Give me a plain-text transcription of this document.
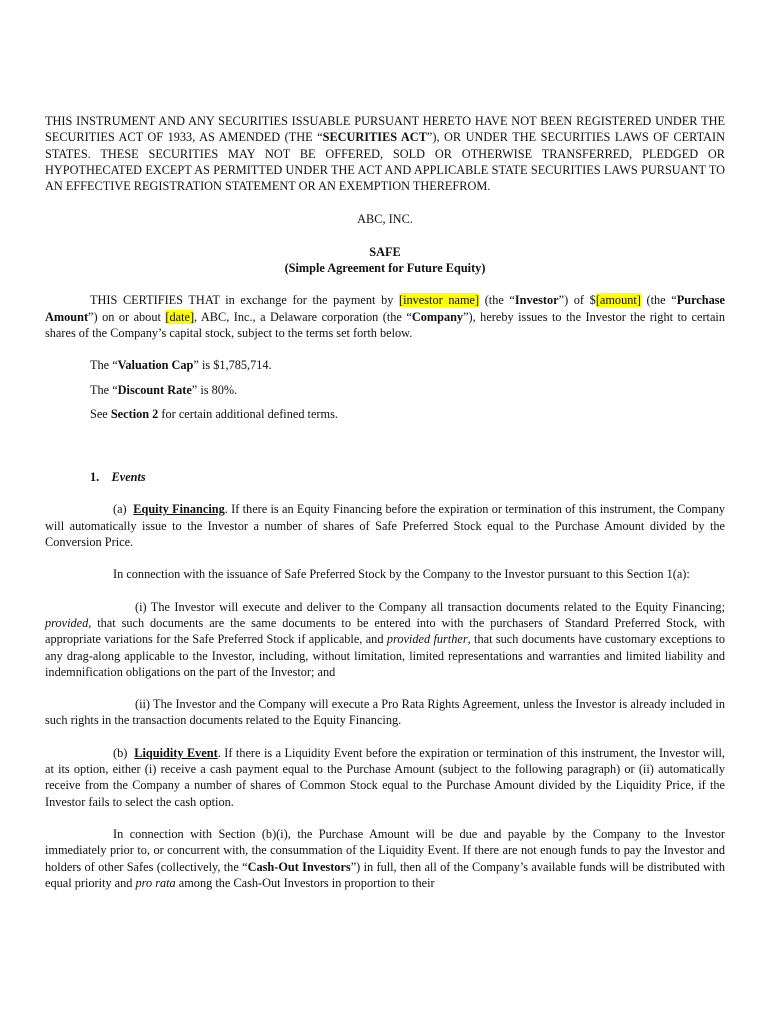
THIS INSTRUMENT AND ANY SECURITIES ISSUABLE PURSUANT HERETO HAVE NOT BEEN REGISTERED UNDER THE SECURITIES ACT OF 1933, AS AMENDED (THE “SECURITIES ACT”), OR UNDER THE SECURITIES LAWS OF CERTAIN STATES. THESE SECURITIES MAY NOT BE OFFERED, SOLD OR OTHERWISE TRANSFERRED, PLEDGED OR HYPOTHECATED EXCEPT AS PERMITTED UNDER THE ACT AND APPLICABLE STATE SECURITIES LAWS PURSUANT TO AN EFFECTIVE REGISTRATION STATEMENT OR AN EXEMPTION THEREFROM.

ABC, INC.

SAFE

(Simple Agreement for Future Equity)

THIS CERTIFIES THAT in exchange for the payment by [investor name] (the “Investor”) of $[amount] (the “Purchase Amount”) on or about [date], ABC, Inc., a Delaware corporation (the “Company”), hereby issues to the Investor the right to certain shares of the Company’s capital stock, subject to the terms set forth below.

The “Valuation Cap” is $1,785,714.

The “Discount Rate” is 80%.

See Section 2 for certain additional defined terms.

1. Events

(a) Equity Financing. If there is an Equity Financing before the expiration or termination of this instrument, the Company will automatically issue to the Investor a number of shares of Safe Preferred Stock equal to the Purchase Amount divided by the Conversion Price.

In connection with the issuance of Safe Preferred Stock by the Company to the Investor pursuant to this Section 1(a):

(i) The Investor will execute and deliver to the Company all transaction documents related to the Equity Financing; provided, that such documents are the same documents to be entered into with the purchasers of Standard Preferred Stock, with appropriate variations for the Safe Preferred Stock if applicable, and provided further, that such documents have customary exceptions to any drag-along applicable to the Investor, including, without limitation, limited representations and warranties and limited liability and indemnification obligations on the part of the Investor; and

(ii) The Investor and the Company will execute a Pro Rata Rights Agreement, unless the Investor is already included in such rights in the transaction documents related to the Equity Financing.

(b) Liquidity Event. If there is a Liquidity Event before the expiration or termination of this instrument, the Investor will, at its option, either (i) receive a cash payment equal to the Purchase Amount (subject to the following paragraph) or (ii) automatically receive from the Company a number of shares of Common Stock equal to the Purchase Amount divided by the Liquidity Price, if the Investor fails to select the cash option.

In connection with Section (b)(i), the Purchase Amount will be due and payable by the Company to the Investor immediately prior to, or concurrent with, the consummation of the Liquidity Event. If there are not enough funds to pay the Investor and holders of other Safes (collectively, the “Cash-Out Investors”) in full, then all of the Company’s available funds will be distributed with equal priority and pro rata among the Cash-Out Investors in proportion to their
